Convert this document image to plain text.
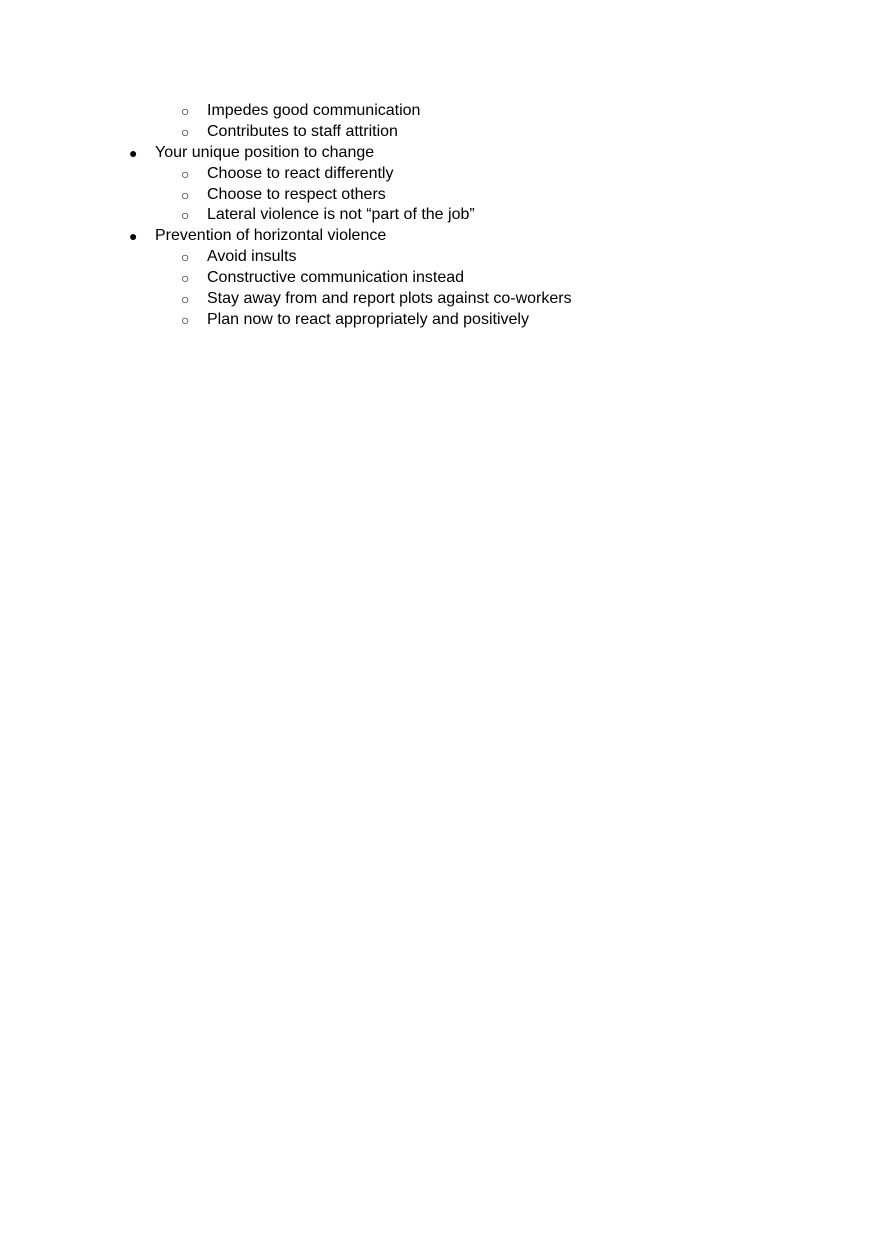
○ Impedes good communication
○ Contributes to staff attrition
● Your unique position to change
○ Choose to react differently
○ Choose to respect others
○ Lateral violence is not “part of the job”
● Prevention of horizontal violence
○ Avoid insults
○ Constructive communication instead
○ Stay away from and report plots against co-workers
○ Plan now to react appropriately and positively
